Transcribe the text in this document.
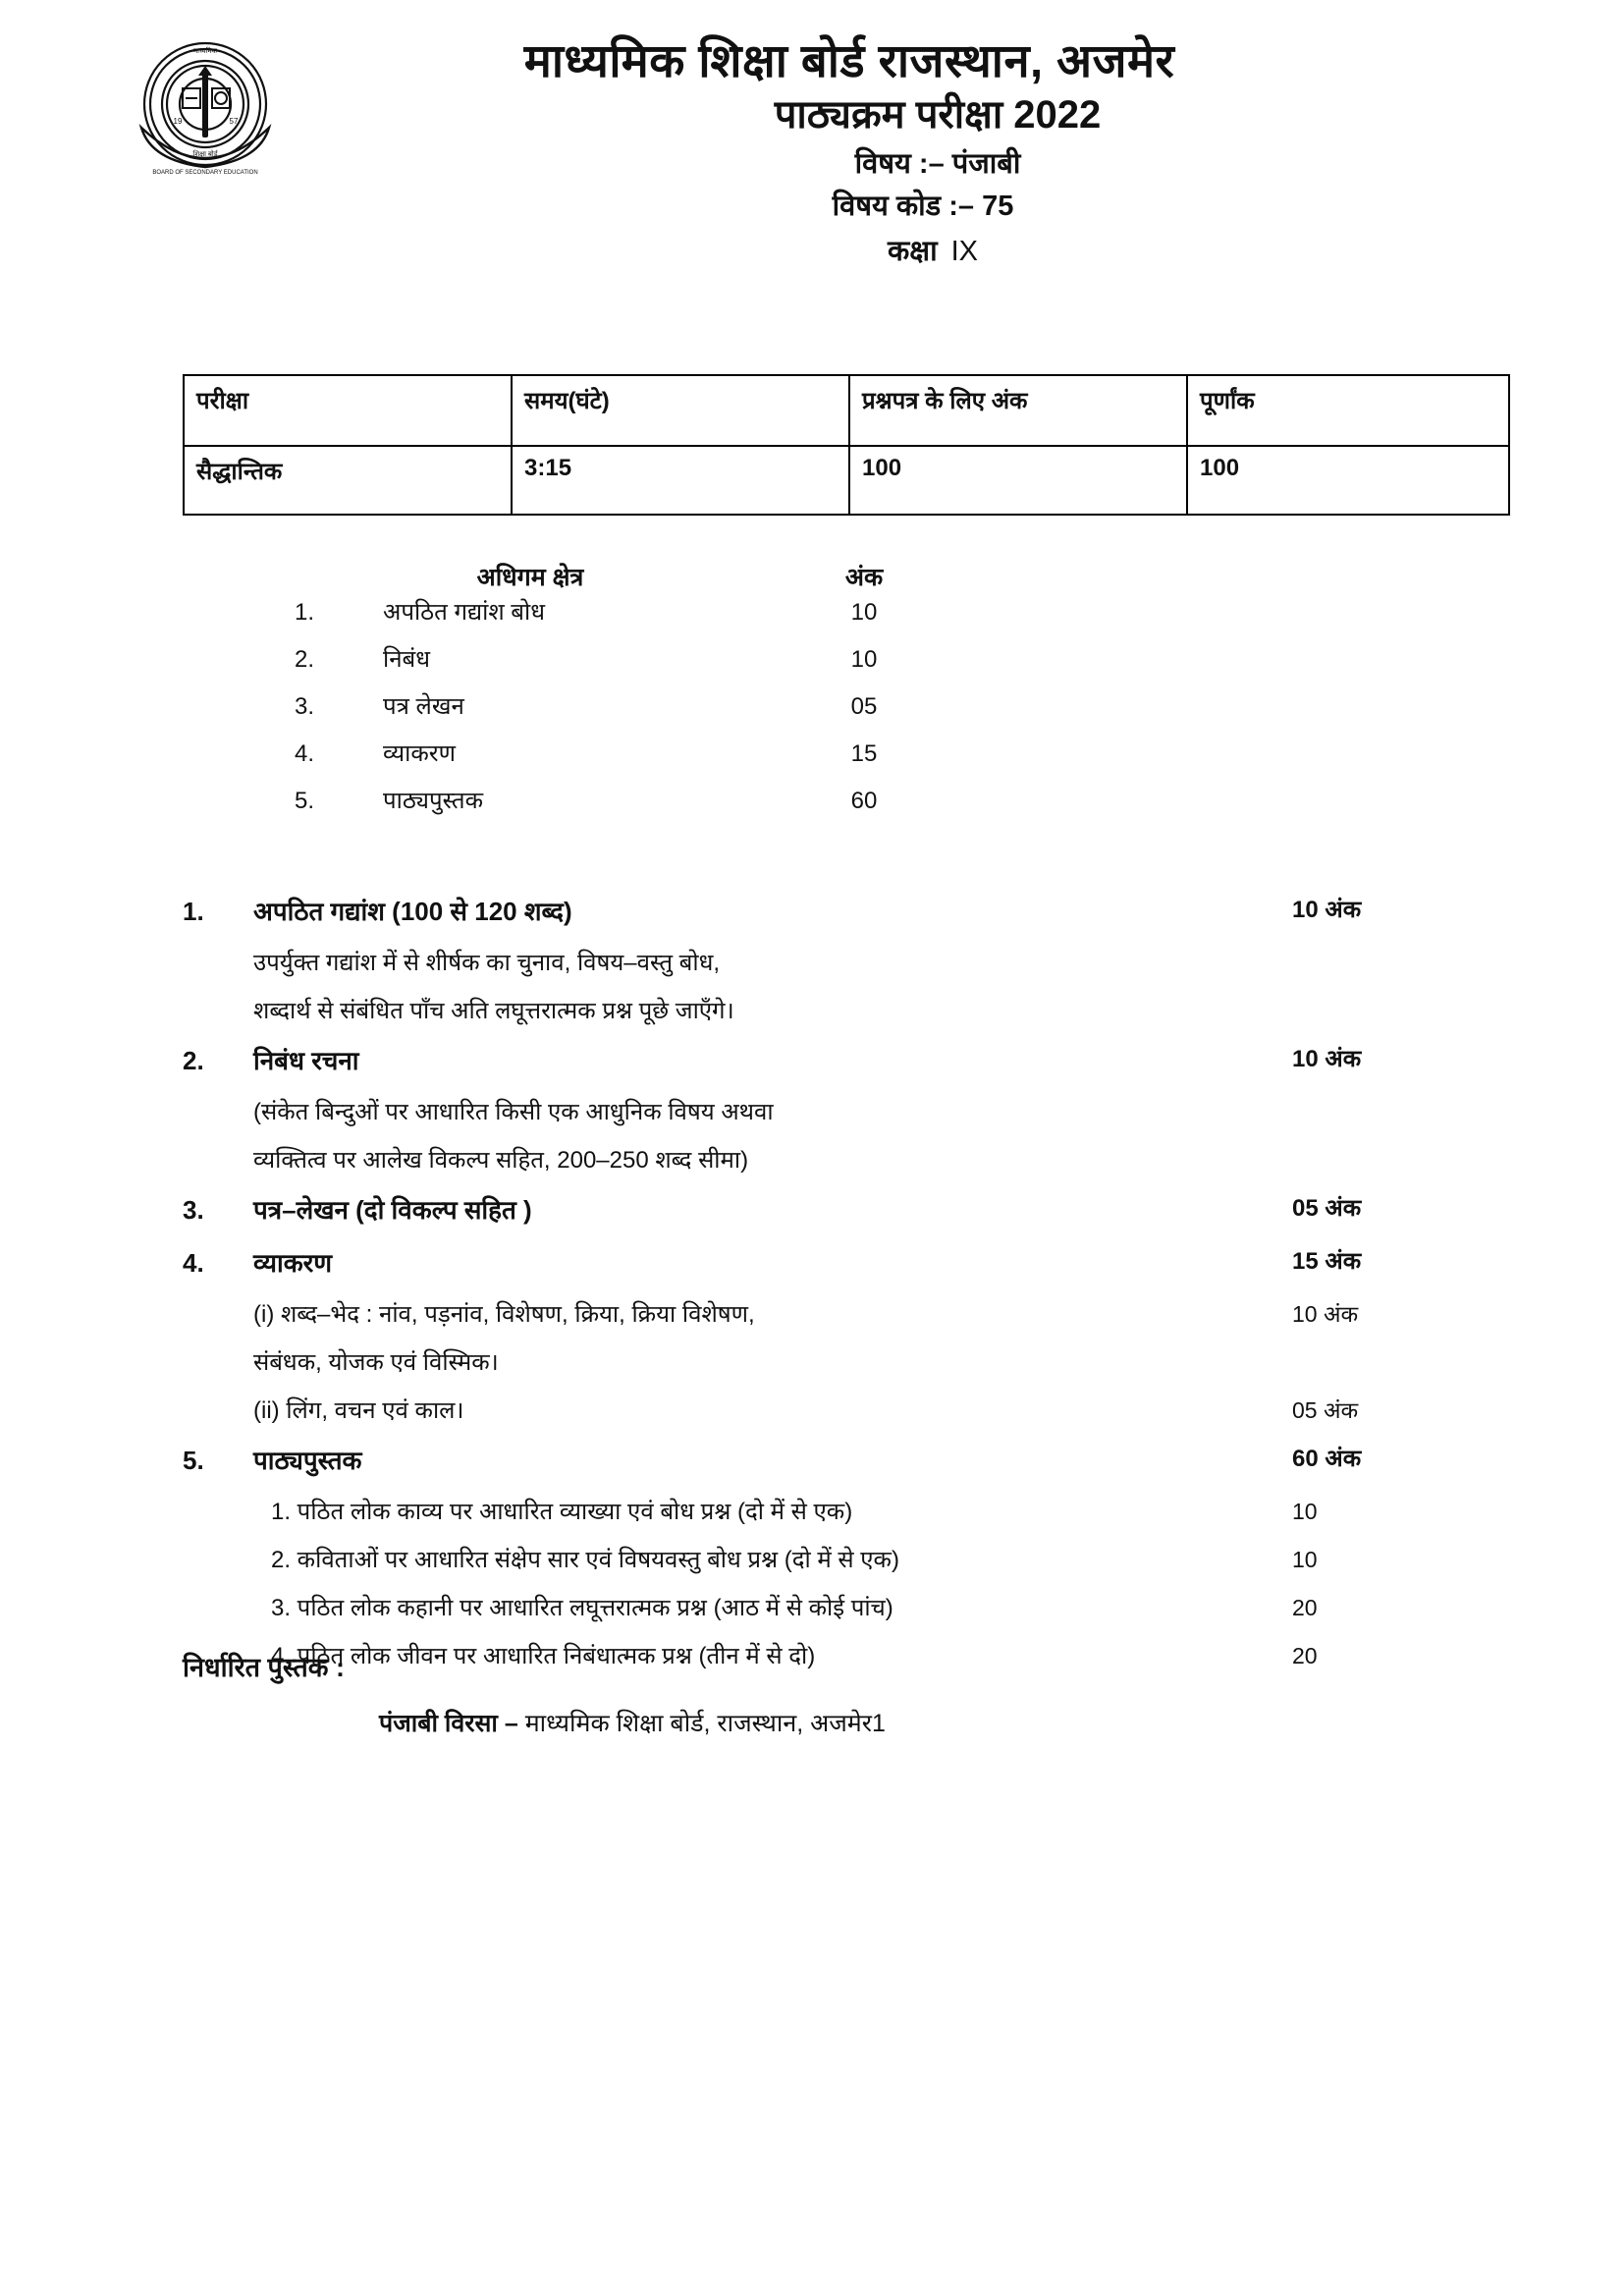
माध्यमिक
शिक्षा बोर्ड
BOARD OF SECONDARY EDUCATION
19	57
माध्यमिक शिक्षा बोर्ड राजस्थान, अजमेर
पाठ्यक्रम परीक्षा 2022
विषय :– पंजाबी
विषय कोड :– 75
कक्षा IX
परीक्षा	समय(घंटे)	प्रश्नपत्र के लिए अंक	पूर्णांक
सैद्धान्तिक	3:15	100	100
अधिगम क्षेत्र	अंक
1.	अपठित गद्यांश बोध	10
2.	निबंध	10
3.	पत्र लेखन	05
4.	व्याकरण	15
5.	पाठ्यपुस्तक	60
1.	अपठित गद्यांश (100 से 120 शब्द)	10 अंक
उपर्युक्त गद्यांश में से शीर्षक का चुनाव, विषय–वस्तु बोध,
शब्दार्थ से संबंधित पाँच अति लघूत्तरात्मक प्रश्न पूछे जाएँगे।
2.	निबंध रचना	10 अंक
(संकेत बिन्दुओं पर आधारित किसी एक आधुनिक विषय अथवा
व्यक्तित्व पर आलेख विकल्प सहित, 200–250 शब्द सीमा)
3.	पत्र–लेखन (दो विकल्प सहित )	05 अंक
4.	व्याकरण	15 अंक
(i) शब्द–भेद : नांव, पड़नांव, विशेषण, क्रिया, क्रिया विशेषण,	10 अंक
संबंधक, योजक एवं विस्मिक।
(ii) लिंग, वचन एवं काल।	05 अंक
5.	पाठ्यपुस्तक	60 अंक
1. पठित लोक काव्य पर आधारित व्याख्या एवं बोध प्रश्न (दो में से एक)	10
2. कविताओं पर आधारित संक्षेप सार एवं विषयवस्तु बोध प्रश्न (दो में से एक)	10
3. पठित लोक कहानी पर आधारित लघूत्तरात्मक प्रश्न (आठ में से कोई पांच)	20
4. पठित लोक जीवन पर आधारित निबंधात्मक प्रश्न (तीन में से दो)	20
निर्धारित पुस्तक :
पंजाबी विरसा – माध्यमिक शिक्षा बोर्ड, राजस्थान, अजमेर1
